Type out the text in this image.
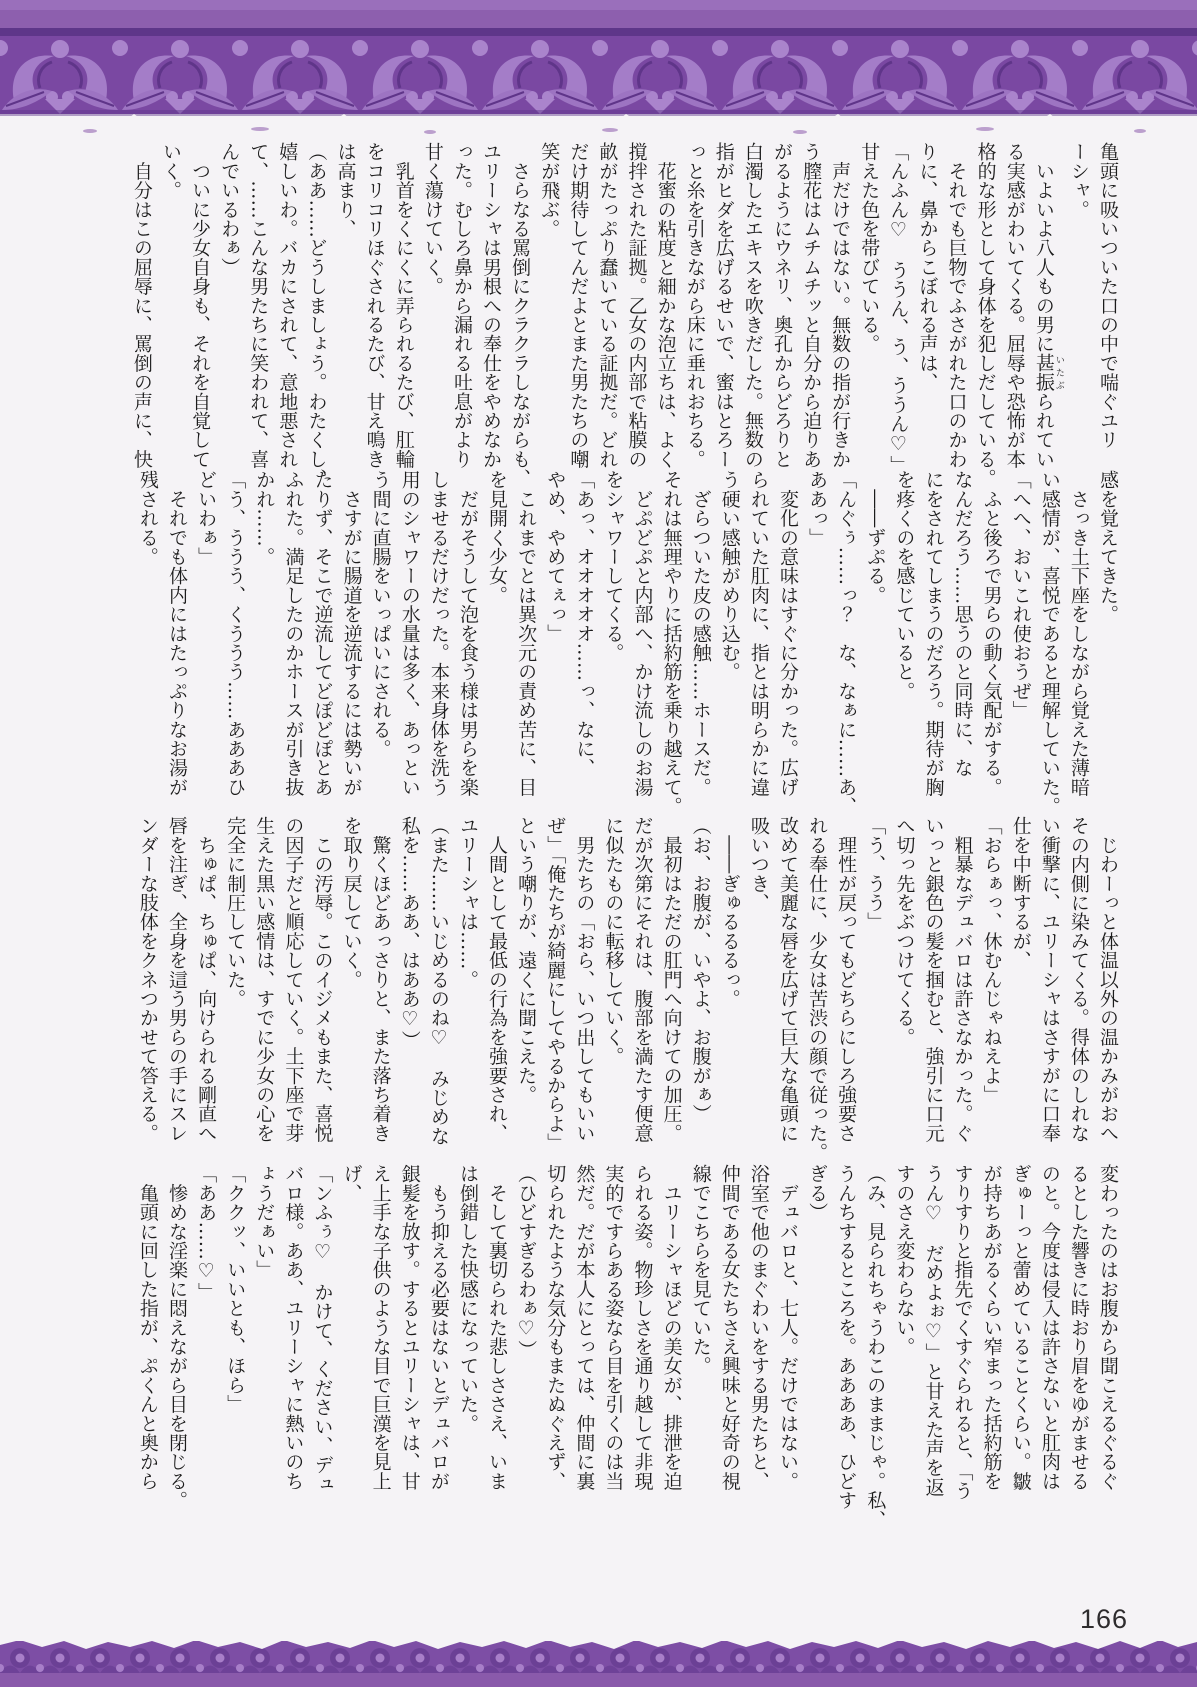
亀頭に吸いついた口の中で喘ぐユリ
ーシャ。
　いよいよ八人もの男に甚振 いたぶられてい
る実感がわいてくる。屈辱や恐怖が本
格的な形として身体を犯しだしている。
　それでも巨物でふさがれた口のかわ
りに、鼻からこぼれる声は、
「んふん♡　ううん、う、ううん♡」
甘えた色を帯びている。
　声だけではない。無数の指が行きか
う膣花はムチムチッと自分から迫りあ
がるようにウネリ、奥孔からどろりと
白濁したエキスを吹きだした。無数の
指がヒダを広げるせいで、蜜はとろー
っと糸を引きながら床に垂れおちる。
　花蜜の粘度と細かな泡立ちは、よく
撹拌された証拠。乙女の内部で粘膜の
畝がたっぷり蠢いている証拠だ。どれ
だけ期待してんだよとまた男たちの嘲
笑が飛ぶ。
　さらなる罵倒にクラクラしながらも、
ユリーシャは男根への奉仕をやめなか
った。むしろ鼻から漏れる吐息がより
甘く蕩けていく。
　乳首をくにくに弄られるたび、肛輪
をコリコリほぐされるたび、甘え鳴き
は高まり、
（ああ……どうしましょう。わたくし、
嬉しいわ。バカにされて、意地悪され
て、……こんな男たちに笑われて、喜
んでいるわぁ）
　ついに少女自身も、それを自覚して
いく。
　自分はこの屈辱に、罵倒の声に、快
感を覚えてきた。
　さっき土下座をしながら覚えた薄暗
い感情が、喜悦であると理解していた。
「へへ、おいこれ使おうぜ」
　ふと後ろで男らの動く気配がする。
なんだろう……思うのと同時に、な
にをされてしまうのだろう。期待が胸
を疼くのを感じていると。
　――ずぷる。
「んぐぅ……っ？　な、なぁに……あ、
ああっ」
　変化の意味はすぐに分かった。広げ
られていた肛肉に、指とは明らかに違
う硬い感触がめり込む。
　ざらついた皮の感触……ホースだ。
それは無理やりに括約筋を乗り越えて。
　どぷどぷと内部へ、かけ流しのお湯
をシャワーしてくる。
「あっ、オオオオオ……っ、なに、
やめ、やめてぇっ」
　これまでとは異次元の責め苦に、目
を見開く少女。
　だがそうして泡を食う様は男らを楽
しませるだけだった。本来身体を洗う
用のシャワーの水量は多く、あっとい
う間に直腸をいっぱいにされる。
　さすがに腸道を逆流するには勢いが
たりず、そこで逆流してどぽどぽとあ
ふれた。満足したのかホースが引き抜
かれ……。
「う、ううう、くううう……あああひ
どいわぁ」
　それでも体内にはたっぷりなお湯が
残される。
　じわーっと体温以外の温かみがおへ
その内側に染みてくる。得体のしれな
い衝撃に、ユリーシャはさすがに口奉
仕を中断するが、
「おらぁっ、休むんじゃねえよ」
　粗暴なデュバロは許さなかった。ぐ
いっと銀色の髪を掴むと、強引に口元
へ切っ先をぶつけてくる。
「う、うう」
　理性が戻ってもどちらにしろ強要さ
れる奉仕に、少女は苦渋の顔で従った。
改めて美麗な唇を広げて巨大な亀頭に
吸いつき、
　――ぎゅるるるっ。
（お、お腹が、いやよ、お腹がぁ）
　最初はただの肛門へ向けての加圧。
だが次第にそれは、腹部を満たす便意
に似たものに転移していく。
　男たちの「おら、いつ出してもいい
ぜ」「俺たちが綺麗にしてやるからよ」
という嘲りが、遠くに聞こえた。
　人間として最低の行為を強要され、
ユリーシャは……。
（また……いじめるのね♡　みじめな
私を……ああ、はああ♡）
　驚くほどあっさりと、また落ち着き
を取り戻していく。
　この汚辱。このイジメもまた、喜悦
の因子だと順応していく。土下座で芽
生えた黒い感情は、すでに少女の心を
完全に制圧していた。
　ちゅぱ、ちゅぱ、向けられる剛直へ
唇を注ぎ、全身を這う男らの手にスレ
ンダーな肢体をクネつかせて答える。
変わったのはお腹から聞こえるぐるぐ
るとした響きに時おり眉をゆがませる
のと。今度は侵入は許さないと肛肉は
ぎゅーっと蕾めていることくらい。皺
が持ちあがるくらい窄まった括約筋を
すりすりと指先でくすぐられると、「う
うん♡　だめよぉ♡」と甘えた声を返
すのさえ変わらない。
（み、見られちゃうわこのままじゃ。私、
うんちするところを。ああああ、ひどす
ぎる）
　デュバロと、七人。だけではない。
浴室で他のまぐわいをする男たちと、
仲間である女たちさえ興味と好奇の視
線でこちらを見ていた。
　ユリーシャほどの美女が、排泄を迫
られる姿。物珍しさを通り越して非現
実的ですらある姿なら目を引くのは当
然だ。だが本人にとっては、仲間に裏
切られたような気分もまたぬぐえず、
（ひどすぎるわぁ♡）
　そして裏切られた悲しささえ、いま
は倒錯した快感になっていた。
　もう抑える必要はないとデュバロが
銀髪を放す。するとユリーシャは、甘
え上手な子供のような目で巨漢を見上
げ、
「ンふぅ♡　かけて、ください、デュ
バロ様。ああ、ユリーシャに熱いのち
ょうだぁい」
「ククッ、いいとも、ほら」
「ああ……♡」
　惨めな淫楽に悶えながら目を閉じる。
　亀頭に回した指が、ぷくんと奥から
166
